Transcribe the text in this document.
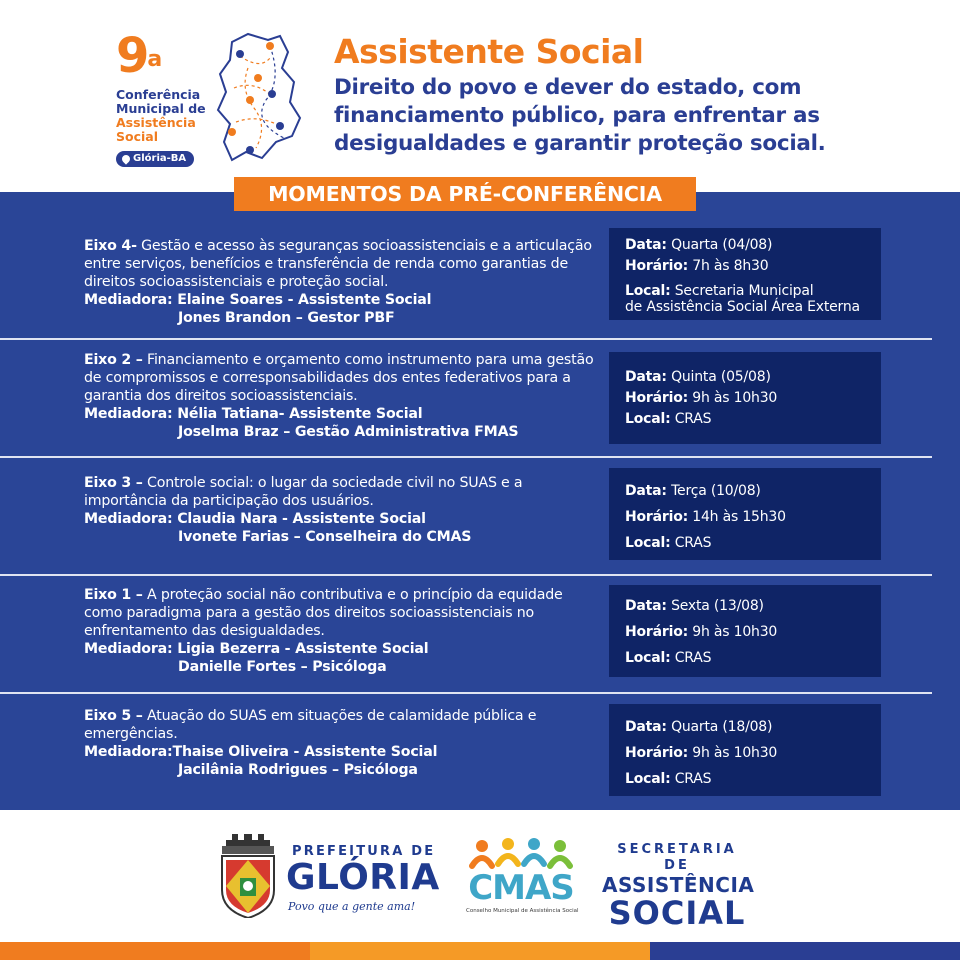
9$^a$
Conferência
Municipal de
Assistência
Social
Glória-BA
Assistente Social
Direito do povo e dever do estado, com
financiamento público, para enfrentar as
desigualdades e garantir proteção social.
MOMENTOS DA PRÉ-CONFERÊNCIA
Eixo 4- Gestão e acesso às seguranças socioassistenciais e a articulação entre serviços, benefícios e transferência de renda como garantias de direitos socioassistenciais e proteção social.
Mediadora: Elaine Soares - Assistente Social
Jones Brandon – Gestor PBF
Data: Quarta (04/08)
Horário: 7h às 8h30
Local: Secretaria Municipal
de Assistência Social Área Externa
Eixo 2 – Financiamento e orçamento como instrumento para uma gestão de compromissos e corresponsabilidades dos entes federativos para a garantia dos direitos socioassistenciais.
Mediadora: Nélia Tatiana- Assistente Social
Joselma Braz – Gestão Administrativa FMAS
Data: Quinta (05/08)
Horário: 9h às 10h30
Local: CRAS
Eixo 3 – Controle social: o lugar da sociedade civil no SUAS e a importância da participação dos usuários.
Mediadora: Claudia Nara - Assistente Social
Ivonete Farias – Conselheira do CMAS
Data: Terça (10/08)
Horário: 14h às 15h30
Local: CRAS
Eixo 1 – A proteção social não contributiva e o princípio da equidade como paradigma para a gestão dos direitos socioassistenciais no enfrentamento das desigualdades.
Mediadora: Ligia Bezerra - Assistente Social
Danielle Fortes – Psicóloga
Data: Sexta (13/08)
Horário: 9h às 10h30
Local: CRAS
Eixo 5 – Atuação do SUAS em situações de calamidade pública e emergências.
Mediadora:Thaise Oliveira - Assistente Social
Jacilânia Rodrigues – Psicóloga
Data: Quarta (18/08)
Horário: 9h às 10h30
Local: CRAS
PREFEITURA DE
GLÓRIA
Povo que a gente ama! CMAS
Conselho Municipal de Assistência Social
SECRETARIA DE
ASSISTÊNCIA
SOCIAL
